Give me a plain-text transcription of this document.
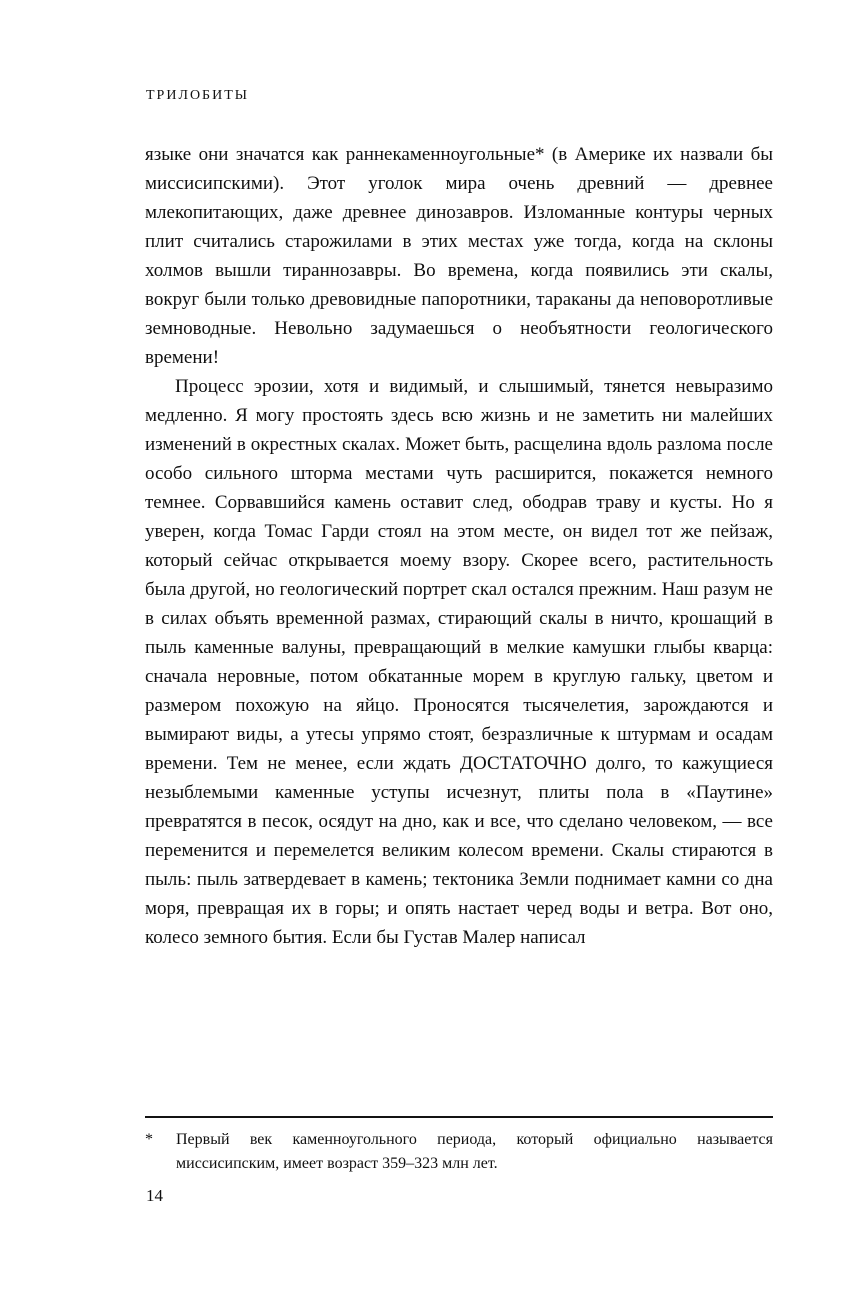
ТРИЛОБИТЫ

языке они значатся как раннекаменноугольные* (в Америке их назвали бы миссисипскими). Этот уголок мира очень древний — древнее млекопитающих, даже древнее динозавров. Изломанные контуры черных плит считались старожилами в этих местах уже тогда, когда на склоны холмов вышли тираннозавры. Во времена, когда появились эти скалы, вокруг были только древовидные папоротники, тараканы да неповоротливые земноводные. Невольно задумаешься о необъятности геологического времени!

Процесс эрозии, хотя и видимый, и слышимый, тянется невыразимо медленно. Я могу простоять здесь всю жизнь и не заметить ни малейших изменений в окрестных скалах. Может быть, расщелина вдоль разлома после особо сильного шторма местами чуть расширится, покажется немного темнее. Сорвавшийся камень оставит след, ободрав траву и кусты. Но я уверен, когда Томас Гарди стоял на этом месте, он видел тот же пейзаж, который сейчас открывается моему взору. Скорее всего, растительность была другой, но геологический портрет скал остался прежним. Наш разум не в силах объять временной размах, стирающий скалы в ничто, крошащий в пыль каменные валуны, превращающий в мелкие камушки глыбы кварца: сначала неровные, потом обкатанные морем в круглую гальку, цветом и размером похожую на яйцо. Проносятся тысячелетия, зарождаются и вымирают виды, а утесы упрямо стоят, безразличные к штурмам и осадам времени. Тем не менее, если ждать ДОСТАТОЧНО долго, то кажущиеся незыблемыми каменные уступы исчезнут, плиты пола в «Паутине» превратятся в песок, осядут на дно, как и все, что сделано человеком, — все переменится и перемелется великим колесом времени. Скалы стираются в пыль: пыль затвердевает в камень; тектоника Земли поднимает камни со дна моря, превращая их в горы; и опять настает черед воды и ветра. Вот оно, колесо земного бытия. Если бы Густав Малер написал

*	Первый век каменноугольного периода, который официально называется миссисипским, имеет возраст 359–323 млн лет.
14
